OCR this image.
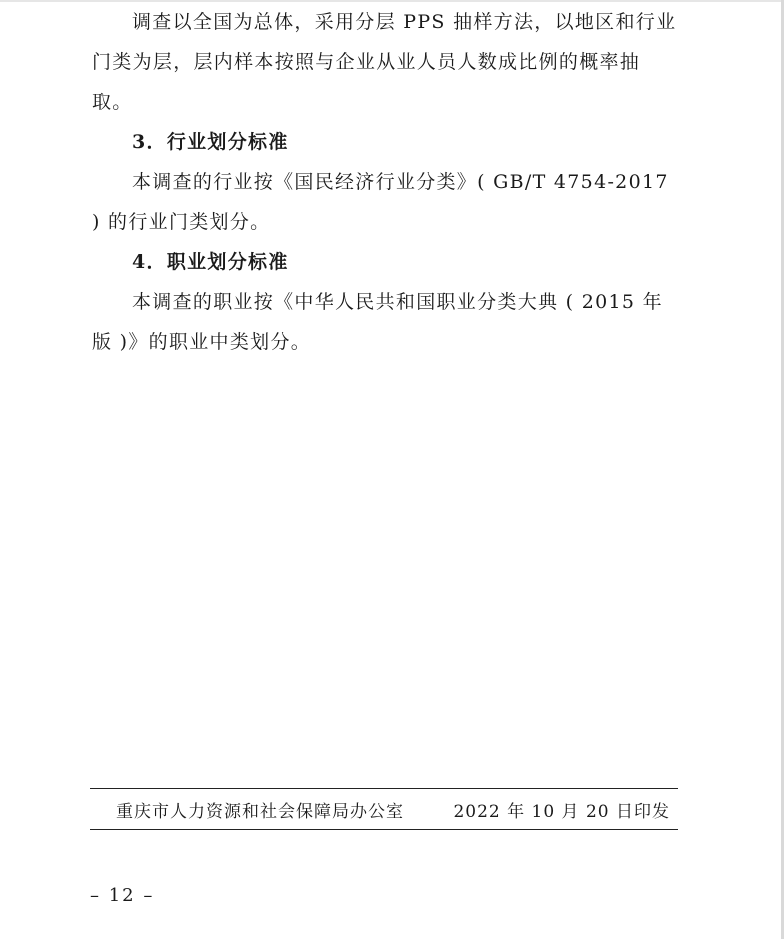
调查以全国为总体，采用分层 PPS 抽样方法，以地区和行业门类为层，层内样本按照与企业从业人员人数成比例的概率抽取。

3．行业划分标准

本调查的行业按《国民经济行业分类》( GB/T 4754-2017 ) 的行业门类划分。

4．职业划分标准

本调查的职业按《中华人民共和国职业分类大典 ( 2015 年版 )》的职业中类划分。

重庆市人力资源和社会保障局办公室	2022 年 10 月 20 日印发
– 12 –
